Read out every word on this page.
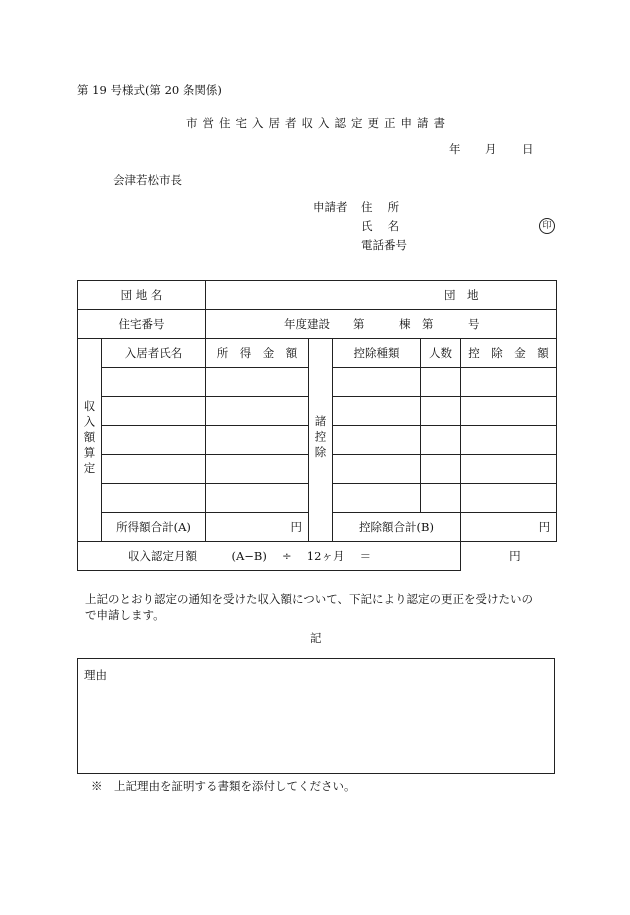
第 19 号様式(第 20 条関係)
市営住宅入居者収入認定更正申請書
年 月 日
会津若松市長
申請者 住　 所
氏　 名	印
電話番号
団 地 名		団　地				
住宅番号		年度建設　　第　　　棟　第　　　号				
収入額算定	入居者氏名	所　得　金　額	諸控除	控除種類	人数	控　除　金　額

	所得額合計(A)	円		控除額合計(B)		円
収入認定月額　　　(A−B)　 ÷　 12ヶ月　 ＝　　　　　　　　　　　　円						
上記のとおり認定の通知を受けた収入額について、下記により認定の更正を受けたいの
で申請します。
記
理由
※　上記理由を証明する書類を添付してください。
